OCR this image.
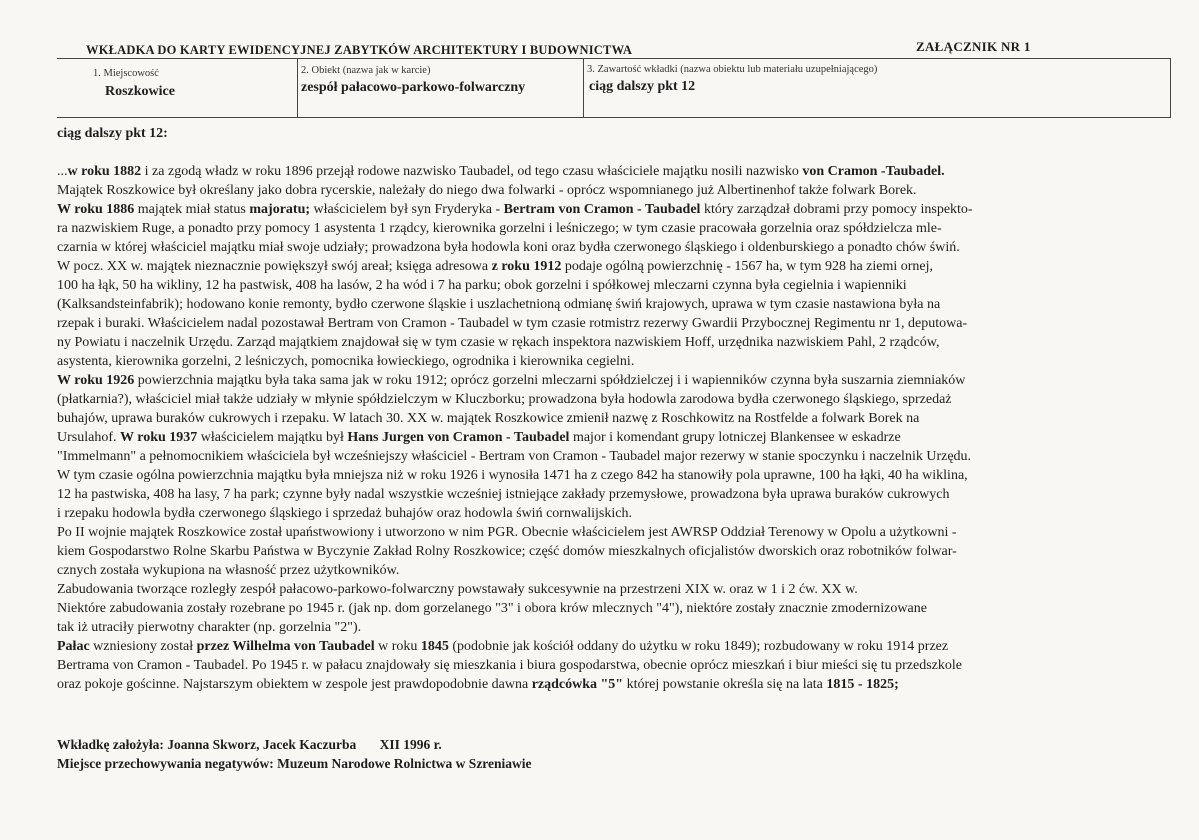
WKŁADKA DO KARTY EWIDENCYJNEJ ZABYTKÓW ARCHITEKTURY I BUDOWNICTWA	ZAŁĄCZNIK NR 1
1. Miejscowość
Roszkowice
2. Obiekt (nazwa jak w karcie)
zespół pałacowo-parkowo-folwarczny
3. Zawartość wkładki (nazwa obiektu lub materiału uzupełniającego)
ciąg dalszy pkt 12
ciąg dalszy pkt 12:
...w roku 1882 i za zgodą władz w roku 1896 przejął rodowe nazwisko Taubadel, od tego czasu właściciele majątku nosili nazwisko von Cramon -Taubadel.
Majątek Roszkowice był określany jako dobra rycerskie, należały do niego dwa folwarki - oprócz wspomnianego już Albertinenhof także folwark Borek.
W roku 1886 majątek miał status majoratu; właścicielem był syn Fryderyka - Bertram von Cramon - Taubadel który zarządzał dobrami przy pomocy inspekto-
ra nazwiskiem Ruge, a ponadto przy pomocy 1 asystenta 1 rządcy, kierownika gorzelni i leśniczego; w tym czasie pracowała gorzelnia oraz spółdzielcza mle-
czarnia w której właściciel majątku miał swoje udziały; prowadzona była hodowla koni oraz bydła czerwonego śląskiego i oldenburskiego a ponadto chów świń.
W pocz. XX w. majątek nieznacznie powiększył swój areał; księga adresowa z roku 1912 podaje ogólną powierzchnię - 1567 ha, w tym 928 ha ziemi ornej,
100 ha łąk, 50 ha wikliny, 12 ha pastwisk, 408 ha lasów, 2 ha wód i 7 ha parku; obok gorzelni i spółkowej mleczarni czynna była cegielnia i wapienniki
(Kalksandsteinfabrik); hodowano konie remonty, bydło czerwone śląskie i uszlachetnioną odmianę świń krajowych, uprawa w tym czasie nastawiona była na
rzepak i buraki. Właścicielem nadal pozostawał Bertram von Cramon - Taubadel w tym czasie rotmistrz rezerwy Gwardii Przybocznej Regimentu nr 1, deputowa-
ny Powiatu i naczelnik Urzędu. Zarząd majątkiem znajdował się w tym czasie w rękach inspektora nazwiskiem Hoff, urzędnika nazwiskiem Pahl, 2 rządców,
asystenta, kierownika gorzelni, 2 leśniczych, pomocnika łowieckiego, ogrodnika i kierownika cegielni.
W roku 1926 powierzchnia majątku była taka sama jak w roku 1912; oprócz gorzelni mleczarni spółdzielczej i i wapienników czynna była suszarnia ziemniaków
(płatkarnia?), właściciel miał także udziały w młynie spółdzielczym w Kluczborku; prowadzona była hodowla zarodowa bydła czerwonego śląskiego, sprzedaż
buhajów, uprawa buraków cukrowych i rzepaku. W latach 30. XX w. majątek Roszkowice zmienił nazwę z Roschkowitz na Rostfelde a folwark Borek na
Ursulahof. W roku 1937 właścicielem majątku był Hans Jurgen von Cramon - Taubadel major i komendant grupy lotniczej Blankensee w eskadrze
"Immelmann" a pełnomocnikiem właściciela był wcześniejszy właściciel - Bertram von Cramon - Taubadel major rezerwy w stanie spoczynku i naczelnik Urzędu.
W tym czasie ogólna powierzchnia majątku była mniejsza niż w roku 1926 i wynosiła 1471 ha z czego 842 ha stanowiły pola uprawne, 100 ha łąki, 40 ha wiklina,
12 ha pastwiska, 408 ha lasy, 7 ha park; czynne były nadal wszystkie wcześniej istniejące zakłady przemysłowe, prowadzona była uprawa buraków cukrowych
i rzepaku hodowla bydła czerwonego śląskiego i sprzedaż buhajów oraz hodowla świń cornwalijskich.
Po II wojnie majątek Roszkowice został upaństwowiony i utworzono w nim PGR. Obecnie właścicielem jest AWRSP Oddział Terenowy w Opolu a użytkowni -
kiem Gospodarstwo Rolne Skarbu Państwa w Byczynie Zakład Rolny Roszkowice; część domów mieszkalnych oficjalistów dworskich oraz robotników folwar-
cznych została wykupiona na własność przez użytkowników.
Zabudowania tworzące rozległy zespół pałacowo-parkowo-folwarczny powstawały sukcesywnie na przestrzeni XIX w. oraz w 1 i 2 ćw. XX w.
Niektóre zabudowania zostały rozebrane po 1945 r. (jak np. dom gorzelanego "3" i obora krów mlecznych "4"), niektóre zostały znacznie zmodernizowane
tak iż utraciły pierwotny charakter (np. gorzelnia "2").
Pałac wzniesiony został przez Wilhelma von Taubadel w roku 1845 (podobnie jak kościół oddany do użytku w roku 1849); rozbudowany w roku 1914 przez
Bertrama von Cramon - Taubadel. Po 1945 r. w pałacu znajdowały się mieszkania i biura gospodarstwa, obecnie oprócz mieszkań i biur mieści się tu przedszkole
oraz pokoje gościnne. Najstarszym obiektem w zespole jest prawdopodobnie dawna rządcówka "5" której powstanie określa się na lata 1815 - 1825;
Wkładkę założyła: Joanna Skworz, Jacek Kaczurba XII 1996 r.
Miejsce przechowywania negatywów: Muzeum Narodowe Rolnictwa w Szreniawie
